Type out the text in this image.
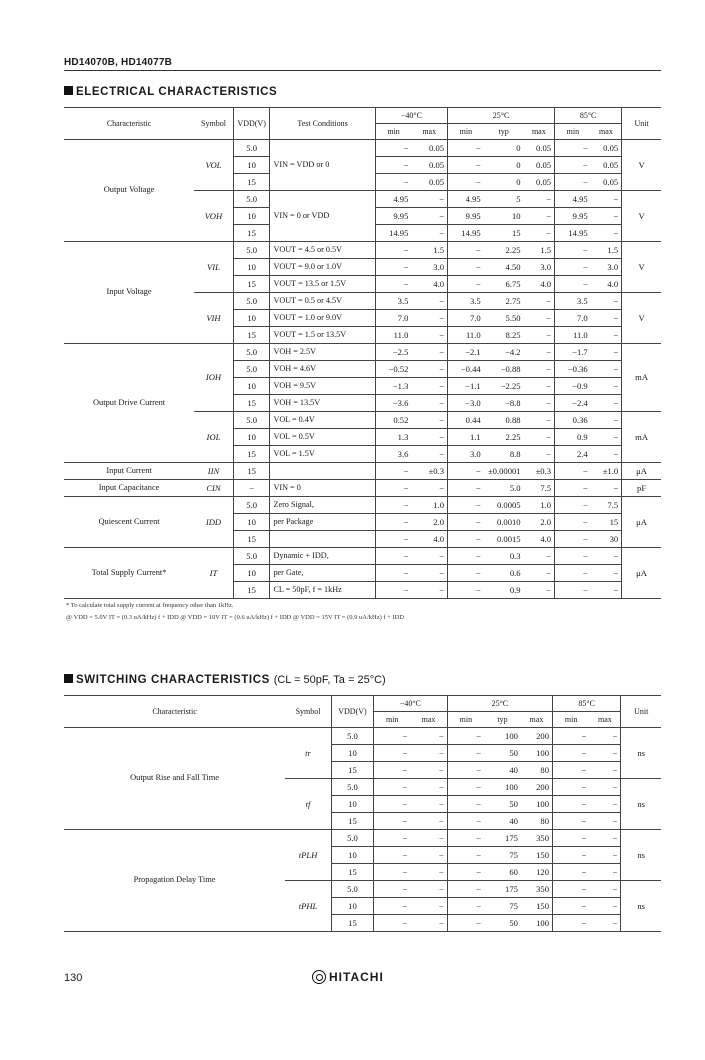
HD14070B, HD14077B
ELECTRICAL CHARACTERISTICS
Characteristic	Symbol	VDD(V)	Test Conditions	−40°C		25°C			85°C		Unit
				min	max	min	typ	max	min	max	
Output Voltage	VOL	5.0	VIN = VDD or 0	−	0.05	−	0	0.05	−	0.05	V
		10		−	0.05	−	0	0.05	−	0.05	
		15		−	0.05	−	0	0.05	−	0.05	
	VOH	5.0	VIN = 0 or VDD	4.95	−	4.95	5	−	4.95	−	V
		10		9.95	−	9.95	10	−	9.95	−	
		15		14.95	−	14.95	15	−	14.95	−	
Input Voltage	VIL	5.0	VOUT = 4.5 or 0.5V	−	1.5	−	2.25	1.5	−	1.5	V
		10	VOUT = 9.0 or 1.0V	−	3.0	−	4.50	3.0	−	3.0	
		15	VOUT = 13.5 or 1.5V	−	4.0	−	6.75	4.0	−	4.0	
	VIH	5.0	VOUT = 0.5 or 4.5V	3.5	−	3.5	2.75	−	3.5	−	V
		10	VOUT = 1.0 or 9.0V	7.0	−	7.0	5.50	−	7.0	−	
		15	VOUT = 1.5 or 13.5V	11.0	−	11.0	8.25	−	11.0	−	
Output Drive Current	IOH	5.0	VOH = 2.5V	−2.5	−	−2.1	−4.2	−	−1.7	−	mA
		5.0	VOH = 4.6V	−0.52	−	−0.44	−0.88	−	−0.36	−	
		10	VOH = 9.5V	−1.3	−	−1.1	−2.25	−	−0.9	−	
		15	VOH = 13.5V	−3.6	−	−3.0	−8.8	−	−2.4	−	
	IOL	5.0	VOL = 0.4V	0.52	−	0.44	0.88	−	0.36	−	mA
		10	VOL = 0.5V	1.3	−	1.1	2.25	−	0.9	−	
		15	VOL = 1.5V	3.6	−	3.0	8.8	−	2.4	−	
Input Current	IIN	15		−	±0.3	−	±0.00001	±0.3	−	±1.0	μA
Input Capacitance	CIN	−	VIN = 0	−	−	−	5.0	7.5	−	−	pF
Quiescent Current	IDD	5.0	Zero Signal,	−	1.0	−	0.0005	1.0	−	7.5	μA
		10	per Package	−	2.0	−	0.0010	2.0	−	15	
		15		−	4.0	−	0.0015	4.0	−	30	
Total Supply Current*	IT	5.0	Dynamic + IDD,	−	−	−	0.3	−	−	−	μA
		10	per Gate,	−	−	−	0.6	−	−	−	
		15	CL = 50pF, f = 1kHz	−	−	−	0.9	−	−	−	
* To calculate total supply current at frequency other than 1kHz.
@ VDD = 5.0V IT = (0.3 uA/kHz) f + IDD @ VDD = 10V IT = (0.6 uA/kHz) f + IDD @ VDD = 15V IT = (0.9 uA/kHz) f + IDD
SWITCHING CHARACTERISTICS (CL = 50pF, Ta = 25°C)
Characteristic	Symbol	VDD(V)	−40°C		25°C			85°C		Unit
			min	max	min	typ	max	min	max	
Output Rise and Fall Time	tr	5.0	−	−	−	100	200	−	−	ns
		10	−	−	−	50	100	−	−	
		15	−	−	−	40	80	−	−	
	tf	5.0	−	−	−	100	200	−	−	ns
		10	−	−	−	50	100	−	−	
		15	−	−	−	40	80	−	−	
Propagation Delay Time	tPLH	5.0	−	−	−	175	350	−	−	ns
		10	−	−	−	75	150	−	−	
		15	−	−	−	60	120	−	−	
	tPHL	5.0	−	−	−	175	350	−	−	ns
		10	−	−	−	75	150	−	−	
		15	−	−	−	50	100	−	−	
130	HITACHI
